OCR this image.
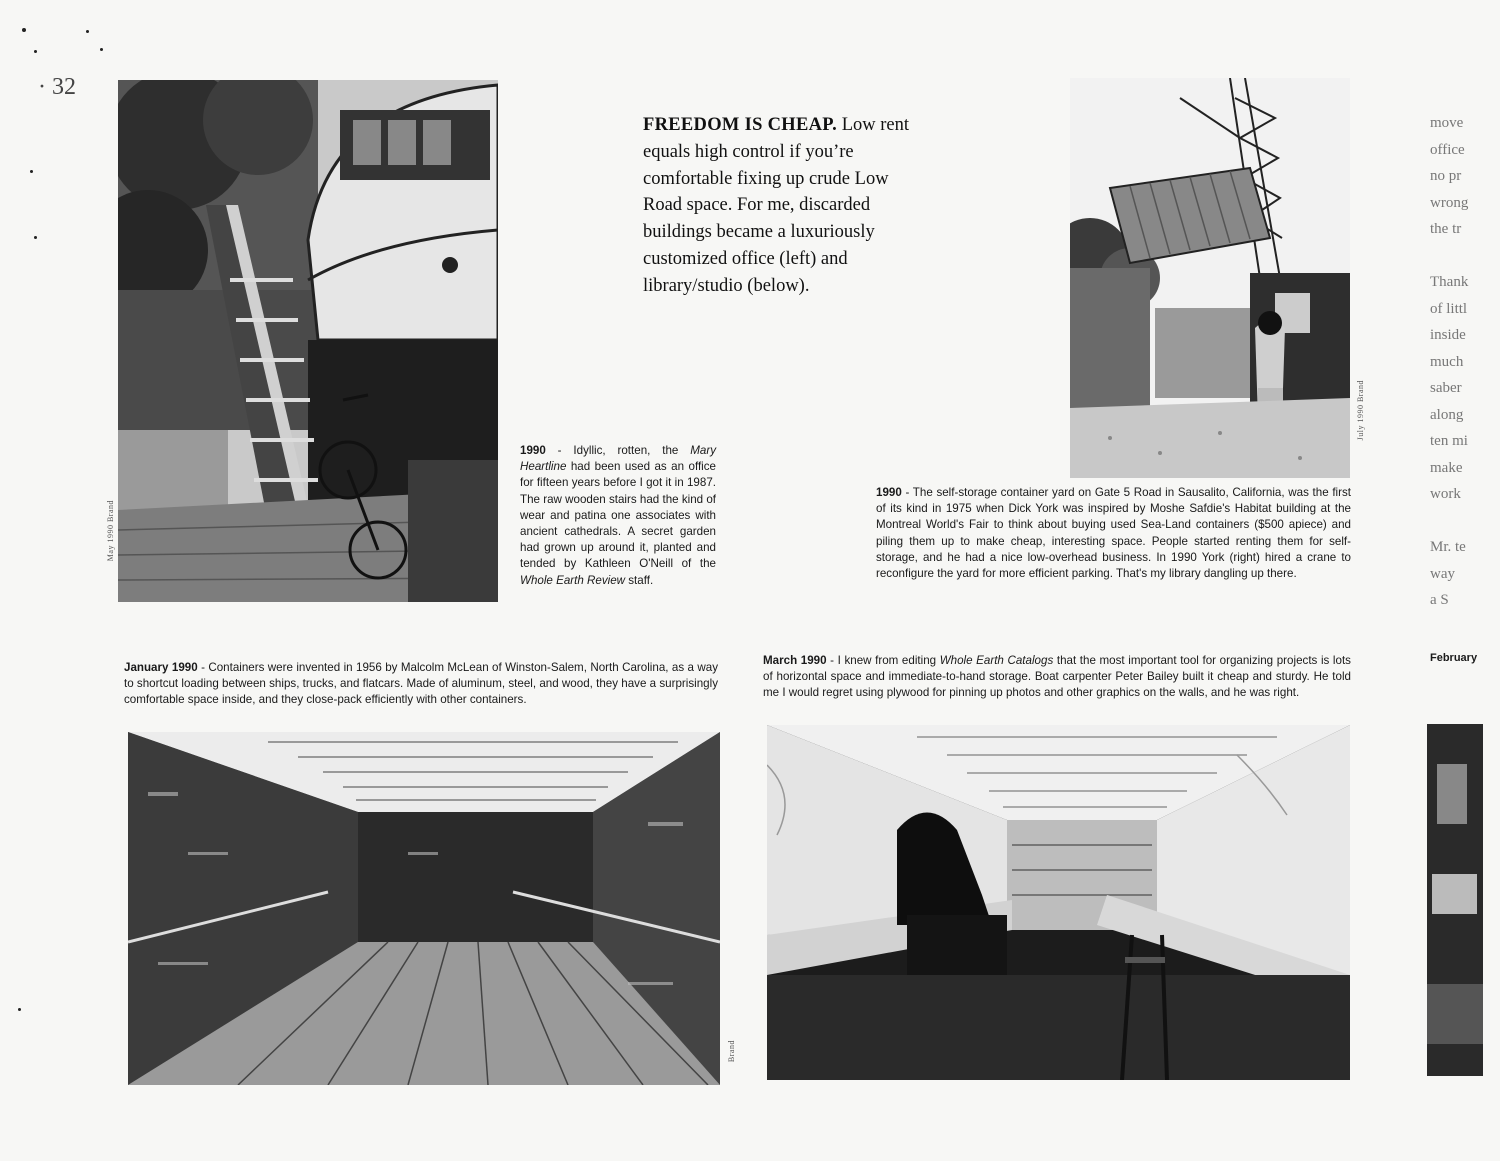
· 32
FREEDOM IS CHEAP. Low rent
equals high control if you’re
comfortable fixing up crude Low
Road space. For me, discarded
buildings became a luxuriously
customized office (left) and
library/studio (below).
May 1990 Brand
1990 - Idyllic, rotten, the Mary Heartline had been used as an office for fifteen years before I got it in 1987. The raw wooden stairs had the kind of wear and patina one associates with ancient cathedrals. A secret garden had grown up around it, planted and tended by Kathleen O'Neill of the Whole Earth Review staff.
July 1990 Brand
1990 - The self-storage container yard on Gate 5 Road in Sausalito, California, was the first of its kind in 1975 when Dick York was inspired by Moshe Safdie's Habitat building at the Montreal World's Fair to think about buying used Sea-Land containers ($500 apiece) and piling them up to make cheap, interesting space. People started renting them for self-storage, and he had a nice low-overhead business. In 1990 York (right) hired a crane to reconfigure the yard for more efficient parking. That's my library dangling up there.
January 1990 - Containers were invented in 1956 by Malcolm McLean of Winston-Salem, North Carolina, as a way to shortcut loading between ships, trucks, and flatcars. Made of aluminum, steel, and wood, they have a surprisingly comfortable space inside, and they close-pack efficiently with other containers.
March 1990 - I knew from editing Whole Earth Catalogs that the most important tool for organizing projects is lots of horizontal space and immediate-to-hand storage. Boat carpenter Peter Bailey built it cheap and sturdy. He told me I would regret using plywood for pinning up photos and other graphics on the walls, and he was right.
Brand
move
office
no pr
wrong
the tr

Thank
of littl
inside
much
saber
along
ten mi
make
work

Mr. te
way
a S
February
